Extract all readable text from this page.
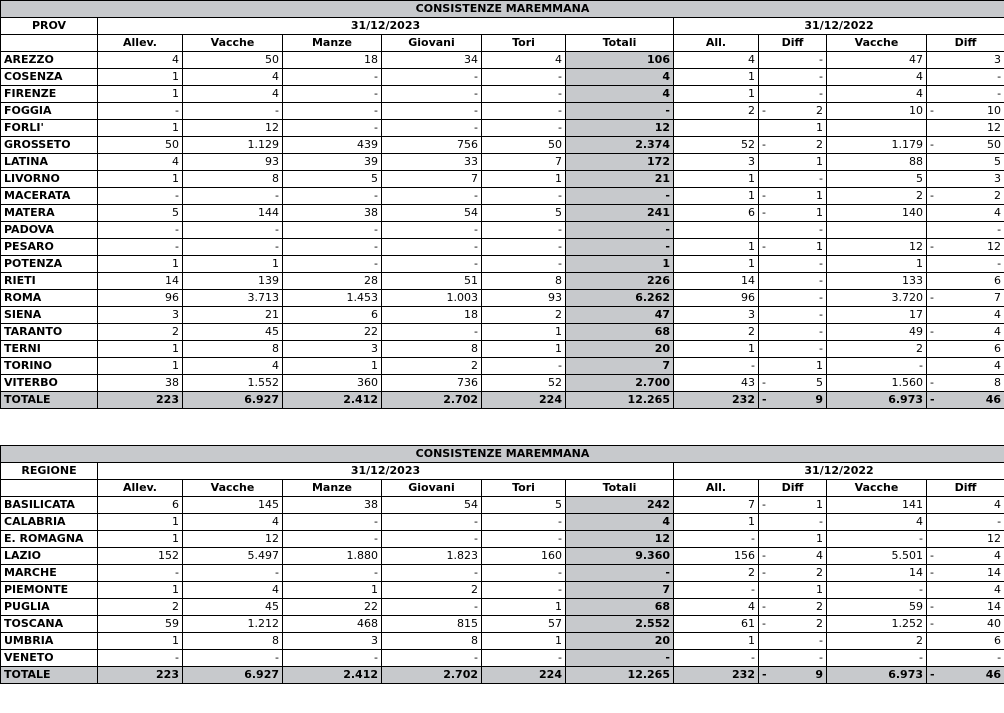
CONSISTENZE MAREMMANA										
PROV	31/12/2023						31/12/2022			
	Allev.	Vacche	Manze	Giovani	Tori	Totali	All.	Diff	Vacche	Diff
AREZZO	4	50	18	34	4	106	4	-	47	3
COSENZA	1	4	-	-	-	4	1	-	4	-
FIRENZE	1	4	-	-	-	4	1	-	4	-
FOGGIA	-	-	-	-	-	-	2	- 2	10	- 10

FORLI'	1	12	-	-	-	12		1		12
GROSSETO	50	1.129	439	756	50	2.374	52	- 2	1.179	- 50

LATINA	4	93	39	33	7	172	3	1	88	5
LIVORNO	1	8	5	7	1	21	1	-	5	3
MACERATA	-	-	-	-	-	-	1	- 1	2	- 2

MATERA	5	144	38	54	5	241	6	- 1	140	4
PADOVA	-	-	-	-	-	-		-		-
PESARO	-	-	-	-	-	-	1	- 1	12	- 12

POTENZA	1	1	-	-	-	1	1	-	1	-
RIETI	14	139	28	51	8	226	14	-	133	6
ROMA	96	3.713	1.453	1.003	93	6.262	96	-	3.720	- 7

SIENA	3	21	6	18	2	47	3	-	17	4
TARANTO	2	45	22	-	1	68	2	-	49	- 4

TERNI	1	8	3	8	1	20	1	-	2	6
TORINO	1	4	1	2	-	7	-	1	-	4
VITERBO	38	1.552	360	736	52	2.700	43	- 5	1.560	- 8

TOTALE	223	6.927	2.412	2.702	224	12.265	232	- 9	6.973	- 46
CONSISTENZE MAREMMANA										
REGIONE	31/12/2023						31/12/2022			
	Allev.	Vacche	Manze	Giovani	Tori	Totali	All.	Diff	Vacche	Diff
BASILICATA	6	145	38	54	5	242	7	- 1	141	4
CALABRIA	1	4	-	-	-	4	1	-	4	-
E. ROMAGNA	1	12	-	-	-	12	-	1	-	12
LAZIO	152	5.497	1.880	1.823	160	9.360	156	- 4	5.501	- 4

MARCHE	-	-	-	-	-	-	2	- 2	14	- 14

PIEMONTE	1	4	1	2	-	7	-	1	-	4
PUGLIA	2	45	22	-	1	68	4	- 2	59	- 14

TOSCANA	59	1.212	468	815	57	2.552	61	- 2	1.252	- 40

UMBRIA	1	8	3	8	1	20	1	-	2	6
VENETO	-	-	-	-	-	-	-	-	-	-
TOTALE	223	6.927	2.412	2.702	224	12.265	232	- 9	6.973	- 46
